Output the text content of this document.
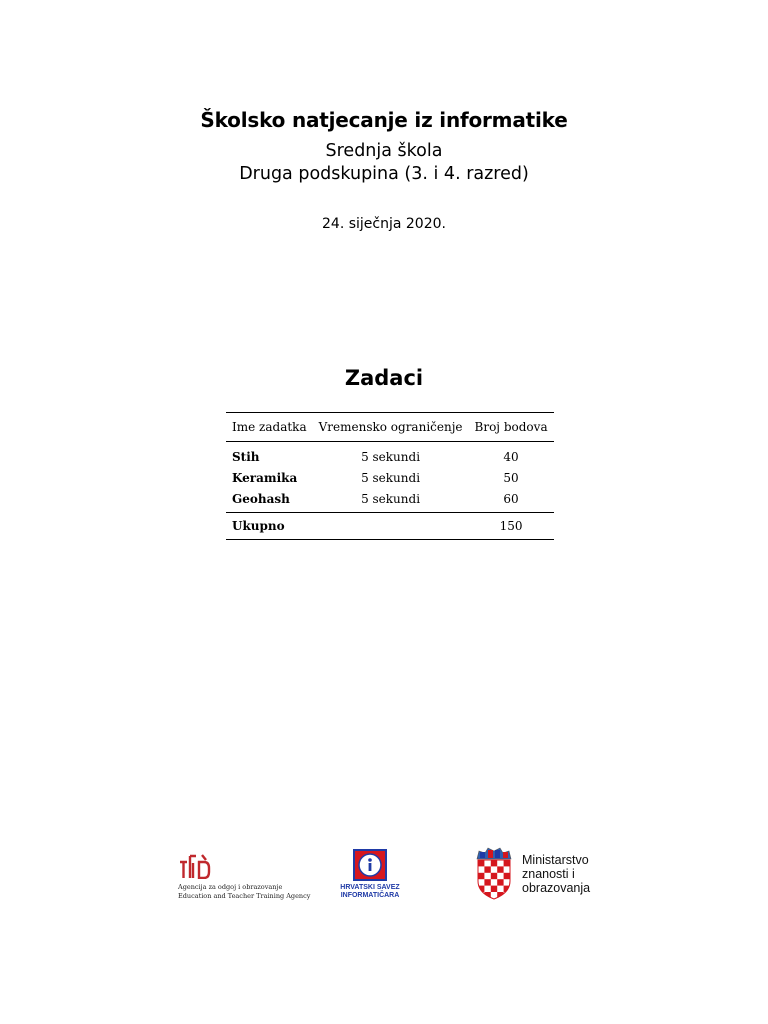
Školsko natjecanje iz informatike
Srednja škola
Druga podskupina (3. i 4. razred)
24. siječnja 2020.
Zadaci
Ime zadatka	Vremensko ograničenje	Broj bodova
Stih	5 sekundi	40
Keramika	5 sekundi	50
Geohash	5 sekundi	60
Ukupno		150
Agencija za odgoj i obrazovanje
Education and Teacher Training Agency
HRVATSKI SAVEZ
INFORMATIČARA
Ministarstvo
znanosti i
obrazovanja
